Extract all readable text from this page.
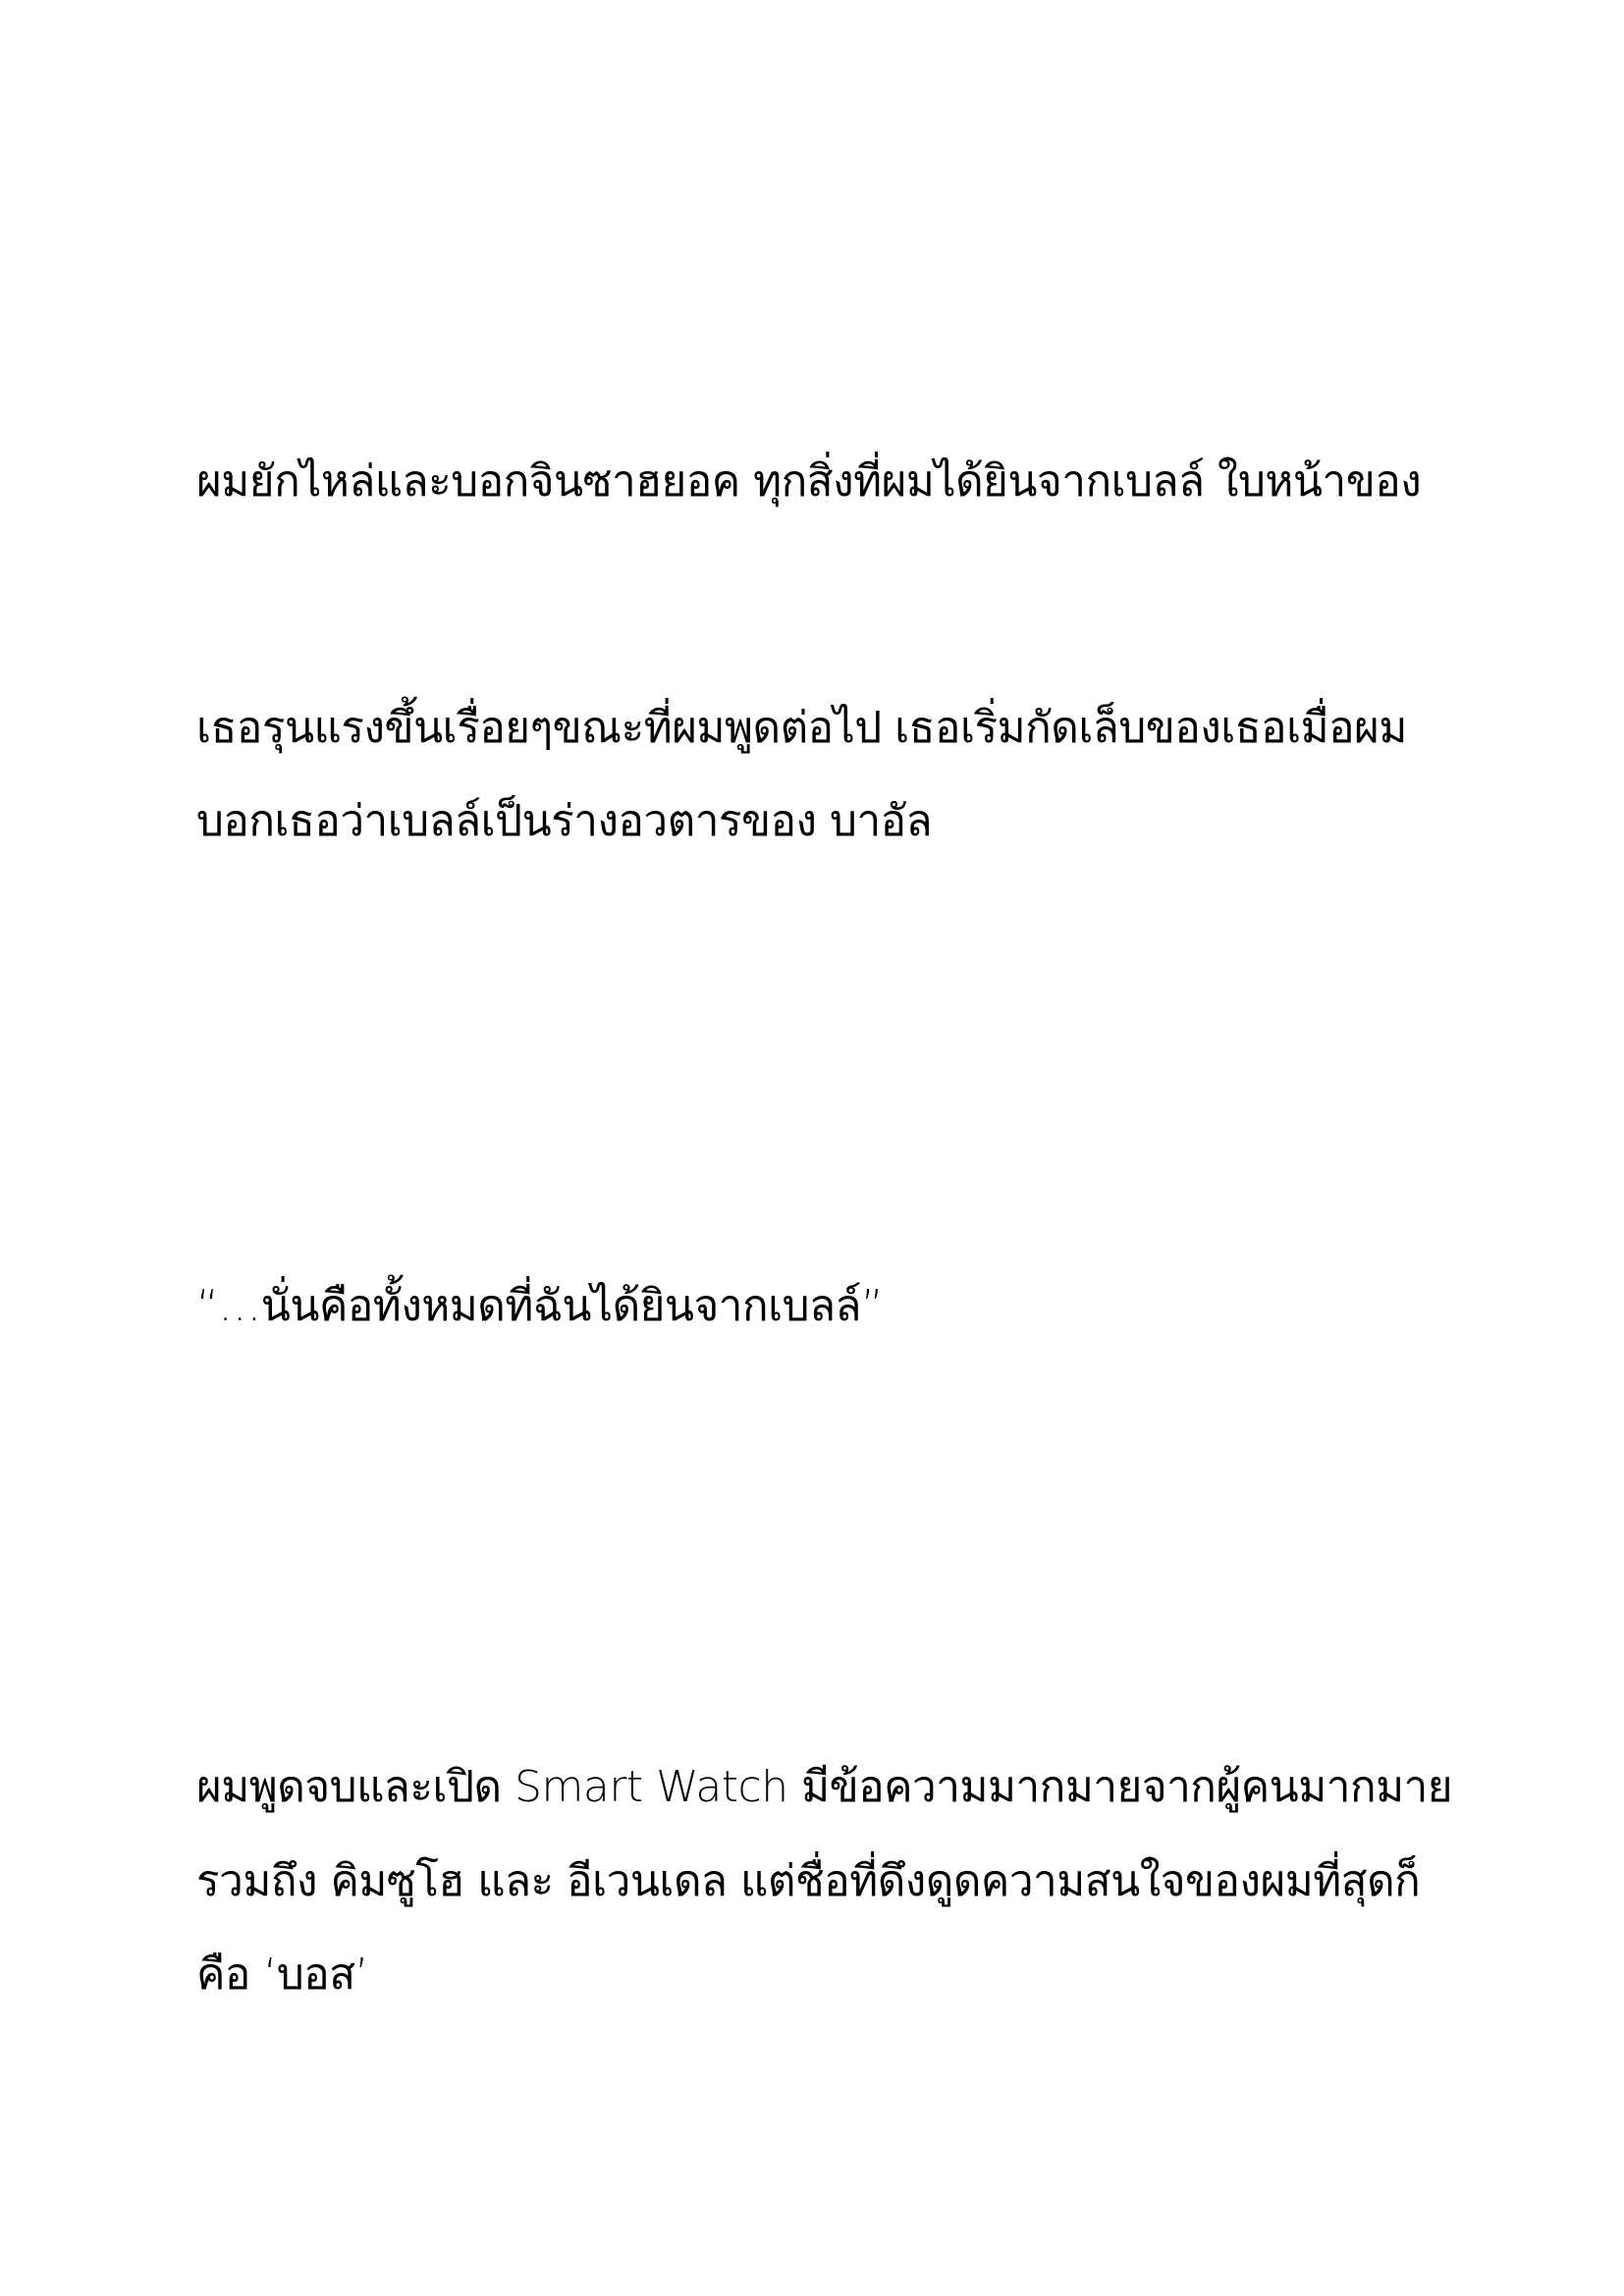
ผมยักไหล่และบอกจินซาฮยอค ทุกสิ่งที่ผมได้ยินจากเบลล์ ใบหน้าของ
เธอรุนแรงขึ้นเรื่อยๆขณะที่ผมพูดต่อไป เธอเริ่มกัดเล็บของเธอเมื่อผม
บอกเธอว่าเบลล์เป็นร่างอวตารของ บาอัล
“…นั่นคือทั้งหมดที่ฉันได้ยินจากเบลล์”
ผมพูดจบและเปิด Smart Watch มีข้อความมากมายจากผู้คนมากมาย
รวมถึง คิมซูโฮ และ อีเวนเดล แต่ชื่อที่ดึงดูดความสนใจของผมที่สุดก็
คือ ‘บอส’
